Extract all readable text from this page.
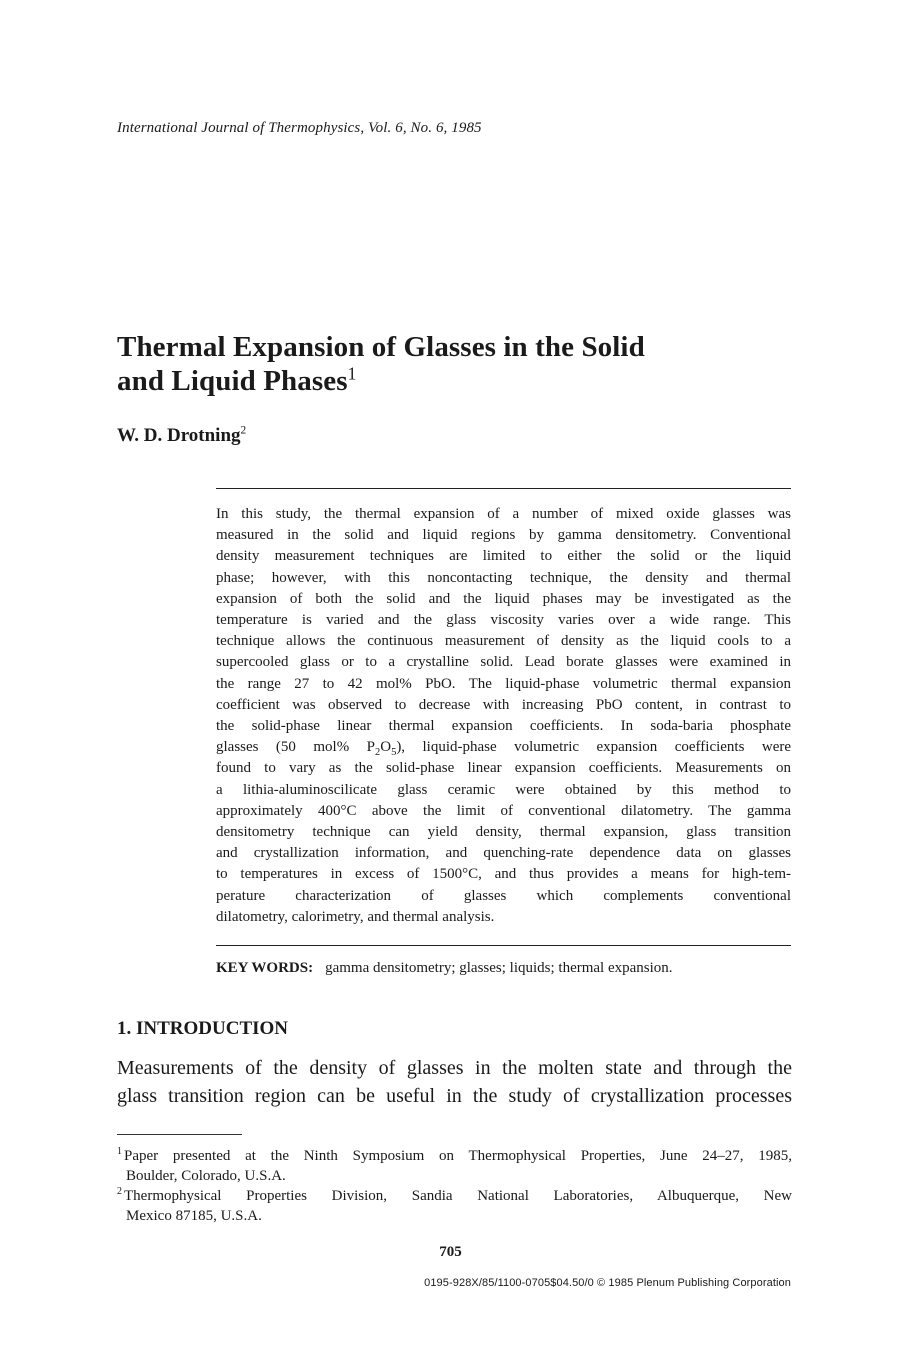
International Journal of Thermophysics, Vol. 6, No. 6, 1985
Thermal Expansion of Glasses in the Solid
and Liquid Phases$^1$
W. D. Drotning$^2$
In this study, the thermal expansion of a number of mixed oxide glasses was
measured in the solid and liquid regions by gamma densitometry. Conventional
density measurement techniques are limited to either the solid or the liquid
phase; however, with this noncontacting technique, the density and thermal
expansion of both the solid and the liquid phases may be investigated as the
temperature is varied and the glass viscosity varies over a wide range. This
technique allows the continuous measurement of density as the liquid cools to a
supercooled glass or to a crystalline solid. Lead borate glasses were examined in
the range 27 to 42 mol% PbO. The liquid-phase volumetric thermal expansion
coefficient was observed to decrease with increasing PbO content, in contrast to
the solid-phase linear thermal expansion coefficients. In soda-baria phosphate
glasses (50 mol% $P_2O_5$), liquid-phase volumetric expansion coefficients were
found to vary as the solid-phase linear expansion coefficients. Measurements on
a lithia-aluminoscilicate glass ceramic were obtained by this method to
approximately 400°C above the limit of conventional dilatometry. The gamma
densitometry technique can yield density, thermal expansion, glass transition
and crystallization information, and quenching-rate dependence data on glasses
to temperatures in excess of 1500°C, and thus provides a means for high-tem-
perature characterization of glasses which complements conventional
dilatometry, calorimetry, and thermal analysis.
KEY WORDS: gamma densitometry; glasses; liquids; thermal expansion.
1. INTRODUCTION
Measurements of the density of glasses in the molten state and through the
glass transition region can be useful in the study of crystallization processes
$^1$ Paper presented at the Ninth Symposium on Thermophysical Properties, June 24–27, 1985,
Boulder, Colorado, U.S.A.
$^2$ Thermophysical Properties Division, Sandia National Laboratories, Albuquerque, New
Mexico 87185, U.S.A.
705
0195-928X/85/1100-0705$04.50/0 © 1985 Plenum Publishing Corporation
